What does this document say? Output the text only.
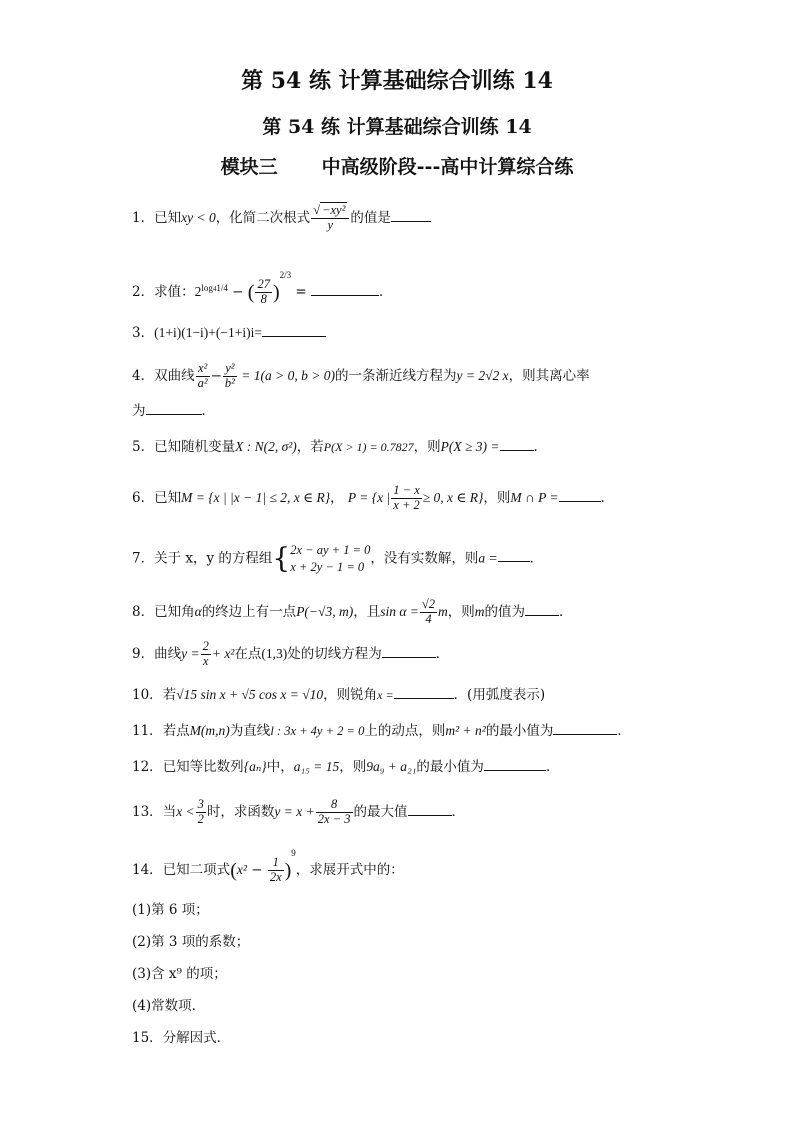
第 54 练 计算基础综合训练 14
第 54 练 计算基础综合训练 14
模块三 中高级阶段---高中计算综合练
1．已知xy < 0，化简二次根式 $\frac{\text{√ −xy²}}{y}$ 的值是
2．求值：$2^{log41/4}$ − ( $\frac{27}{8} )^{2/3}$ =	．
3．(1+i)(1−i)+(−1+i)i=
4．双曲线 $\frac{\text{x²}}{\text{a²}} - \frac{\text{y²}}{\text{b²}} = 1(a > 0$, b > 0)的一条渐近线方程为y = 2√2 x，则其离心率
为	．
5．已知随机变量X : N(2, σ²)，若P(X > 1) = 0.7827，则P(X ≥ 3) =	.
6．已知M = {x | |x − 1| ≤ 2, x ∈ R}， P = {x | $\frac{1 - x}{x + 2} \ge 0$, x ∈ R}，则M ∩ P =	．
7．关于 x，y 的方程组{ 2x − ay + 1 = 0
x + 2y − 1 = 0
，没有实数解，则a = ．
8．已知角α的终边上有一点P(−√3, m)，且$\sin \alpha = \frac{√2}{4}$ m，则m的值为	．
9．曲线$y = \frac{2}{x} + x^2$在点(1,3)处的切线方程为	．
10．若√15 sin x + √5 cos x = √10，则锐角x =	．(用弧度表示)
11．若点M(m,n)为直线l : 3x + 4y + 2 = 0上的动点，则m² + n²的最小值为	．
12．已知等比数列{aₙ}中，a₁₅ = 15，则9a₉ + a₂₁的最小值为	.
13．当$x < \frac{3}{2}$ 时，求函数$y = x + \frac{8}{2x - 3}$ 的最大值	．
14．已知二项式$(x^2 - \frac{1}{2x} )^9$，求展开式中的：
(1)第 6 项；
(2)第 3 项的系数；
(3)含 x⁹ 的项；
(4)常数项．
15．分解因式．
